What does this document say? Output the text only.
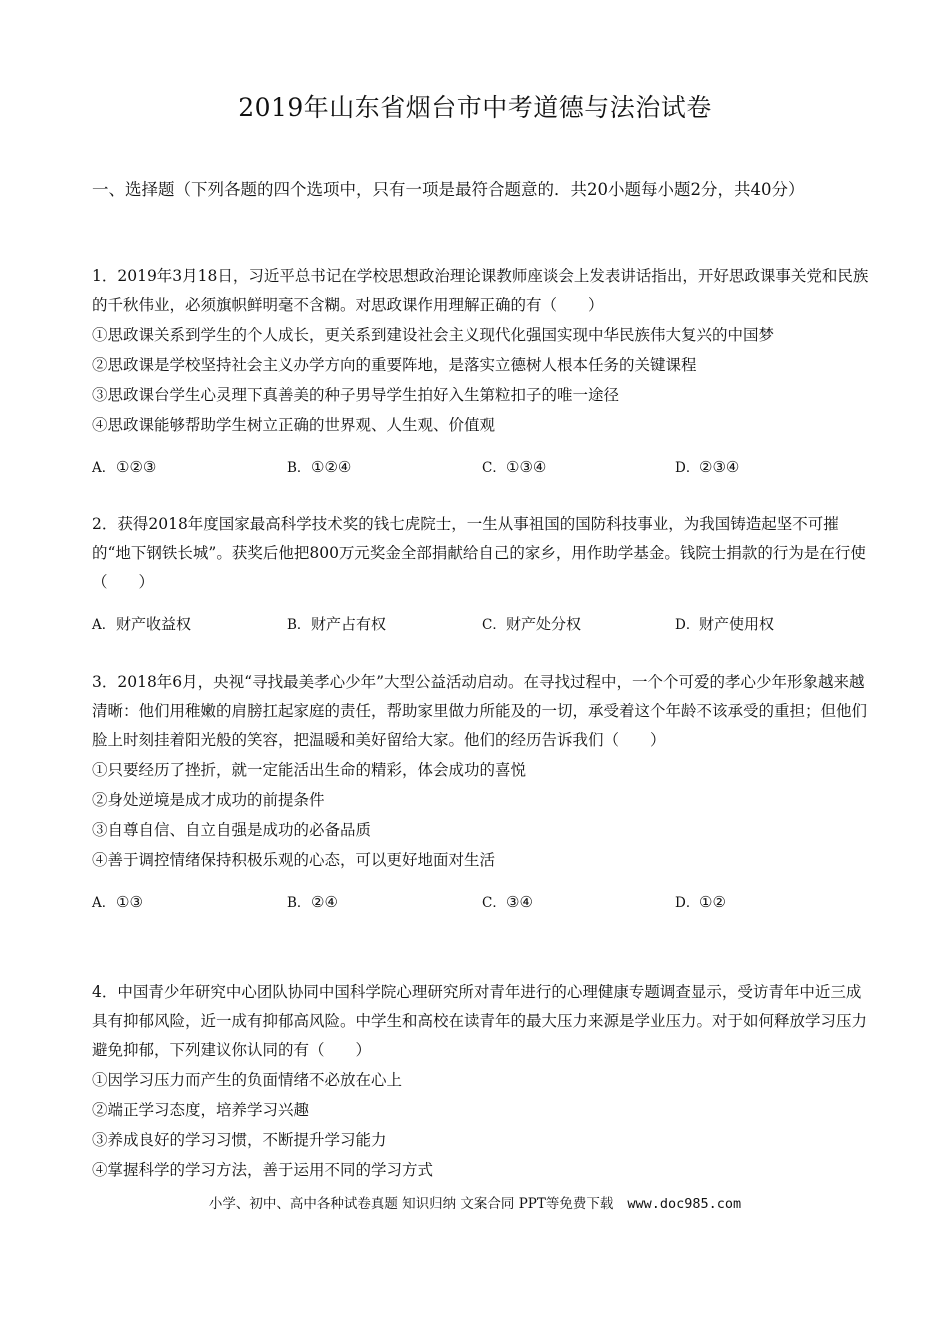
2019年山东省烟台市中考道德与法治试卷
一、选择题（下列各题的四个选项中，只有一项是最符合题意的．共20小题每小题2分，共40分）
1．2019年3月18日，习近平总书记在学校思想政治理论课教师座谈会上发表讲话指出，开好思政课事关党和民族的千秋伟业，必须旗帜鲜明毫不含糊。对思政课作用理解正确的有（　　）
①思政课关系到学生的个人成长，更关系到建设社会主义现代化强国实现中华民族伟大复兴的中国梦
②思政课是学校坚持社会主义办学方向的重要阵地，是落实立德树人根本任务的关键课程
③思政课台学生心灵理下真善美的种子男导学生拍好入生第粒扣子的唯一途径
④思政课能够帮助学生树立正确的世界观、人生观、价值观
A．①②③	B．①②④	C．①③④	D．②③④
2．获得2018年度国家最高科学技术奖的钱七虎院士，一生从事祖国的国防科技事业，为我国铸造起坚不可摧的“地下钢铁长城”。获奖后他把800万元奖金全部捐献给自己的家乡，用作助学基金。钱院士捐款的行为是在行使（　　）
A．财产收益权	B．财产占有权	C．财产处分权	D．财产使用权
3．2018年6月，央视“寻找最美孝心少年”大型公益活动启动。在寻找过程中，一个个可爱的孝心少年形象越来越清晰：他们用稚嫩的肩膀扛起家庭的责任，帮助家里做力所能及的一切，承受着这个年龄不该承受的重担；但他们脸上时刻挂着阳光般的笑容，把温暖和美好留给大家。他们的经历告诉我们（　　）
①只要经历了挫折，就一定能活出生命的精彩，体会成功的喜悦
②身处逆境是成才成功的前提条件
③自尊自信、自立自强是成功的必备品质
④善于调控情绪保持积极乐观的心态，可以更好地面对生活
A．①③	B．②④	C．③④	D．①②
4．中国青少年研究中心团队协同中国科学院心理研究所对青年进行的心理健康专题调查显示，受访青年中近三成具有抑郁风险，近一成有抑郁高风险。中学生和高校在读青年的最大压力来源是学业压力。对于如何释放学习压力避免抑郁，下列建议你认同的有（　　）
①因学习压力而产生的负面情绪不必放在心上
②端正学习态度，培养学习兴趣
③养成良好的学习习惯，不断提升学习能力
④掌握科学的学习方法，善于运用不同的学习方式
小学、初中、高中各种试卷真题 知识归纳 文案合同 PPT等免费下载 www.doc985.com
